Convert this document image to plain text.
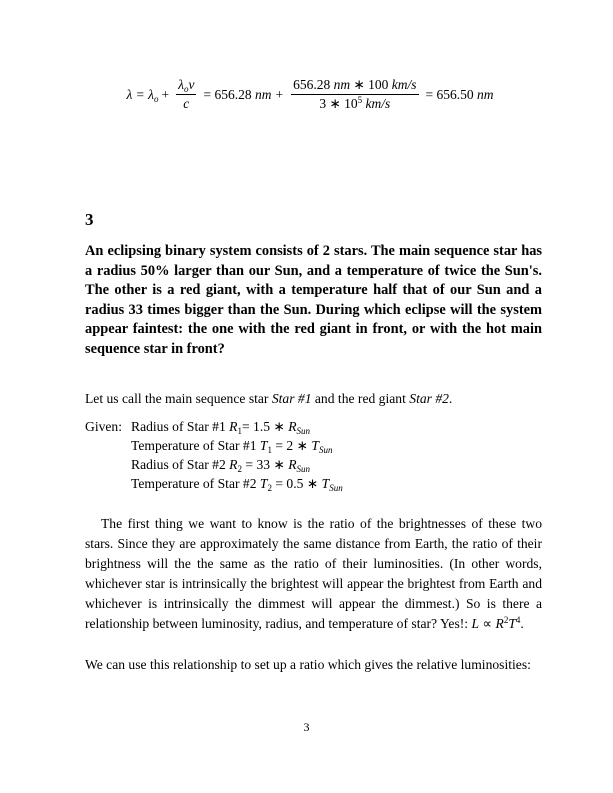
$\lambda = \lambda_o + \frac{\lambda_ov}{c} = 656.28$
nm + $\frac{656.28 nm ∗ 100 km/s}{3 ∗ 10^5 km/s} = 656.50$
nm
3
An eclipsing binary system consists of 2 stars. The main sequence star has a radius 50% larger than our Sun, and a temperature of twice the Sun's. The other is a red giant, with a temperature half that of our Sun and a radius 33 times bigger than the Sun. During which eclipse will the system appear faintest: the one with the red giant in front, or with the hot main sequence star in front?
Let us call the main sequence star Star #1 and the red giant Star #2.
Given: Radius of Star #1 $R_1= 1.5$ ∗ $R_{Sun}$
Temperature of Star #1 $T_1 = 2$ ∗ $T_{Sun}$
Radius of Star #2 $R_2 = 33$ ∗ $R_{Sun}$
Temperature of Star #2 $T_2 = 0.5$ ∗ $T_{Sun}$
The first thing we want to know is the ratio of the brightnesses of these two stars. Since they are approximately the same distance from Earth, the ratio of their brightness will the the same as the ratio of their luminosities. (In other words, whichever star is intrinsically the brightest will appear the brightest from Earth and whichever is intrinsically the dimmest will appear the dimmest.) So is there a relationship between luminosity, radius, and temperature of star? Yes!: $L \propto R^2T^4$.
We can use this relationship to set up a ratio which gives the relative luminosities:
3
